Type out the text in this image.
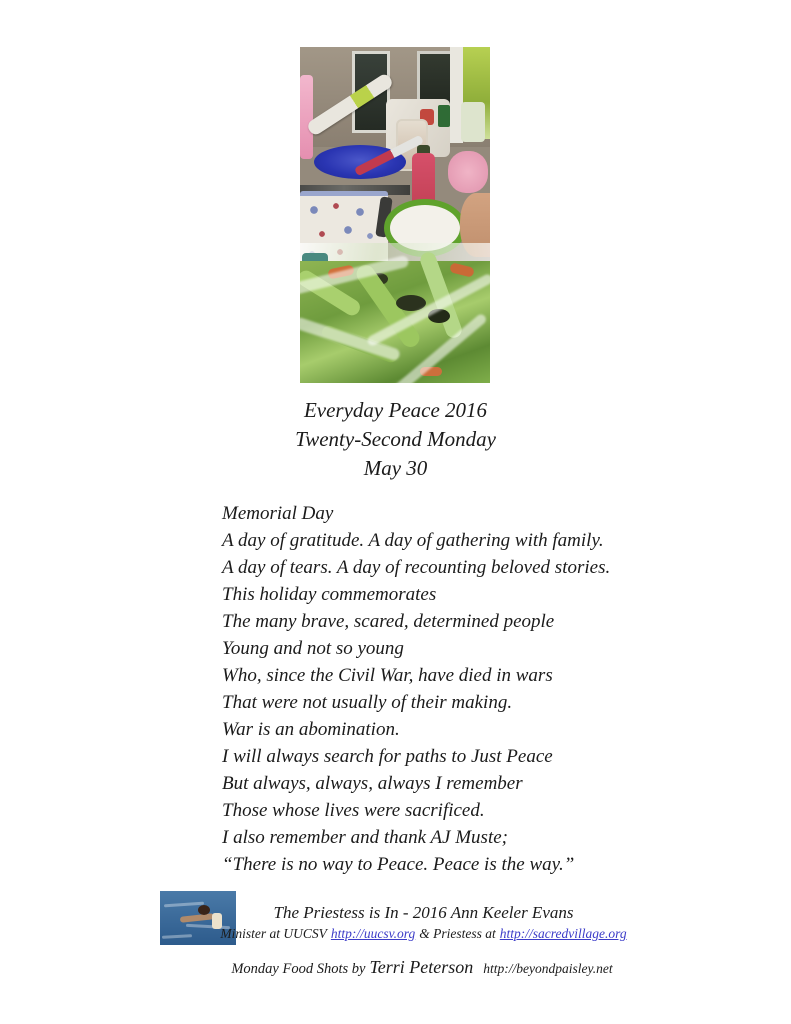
Everyday Peace 2016
Twenty-Second Monday
May 30
Memorial Day
A day of gratitude. A day of gathering with family.
A day of tears. A day of recounting beloved stories.
This holiday commemorates
The many brave, scared, determined people
Young and not so young
Who, since the Civil War, have died in wars
That were not usually of their making.
War is an abomination.
I will always search for paths to Just Peace
But always, always, always I remember
Those whose lives were sacrificed.
I also remember and thank AJ Muste;
“There is no way to Peace. Peace is the way.”
The Priestess is In - 2016 Ann Keeler Evans
Minister at UUCSV http://uucsv.org & Priestess at http://sacredvillage.org
Monday Food Shots by Terri Peterson http://beyondpaisley.net
